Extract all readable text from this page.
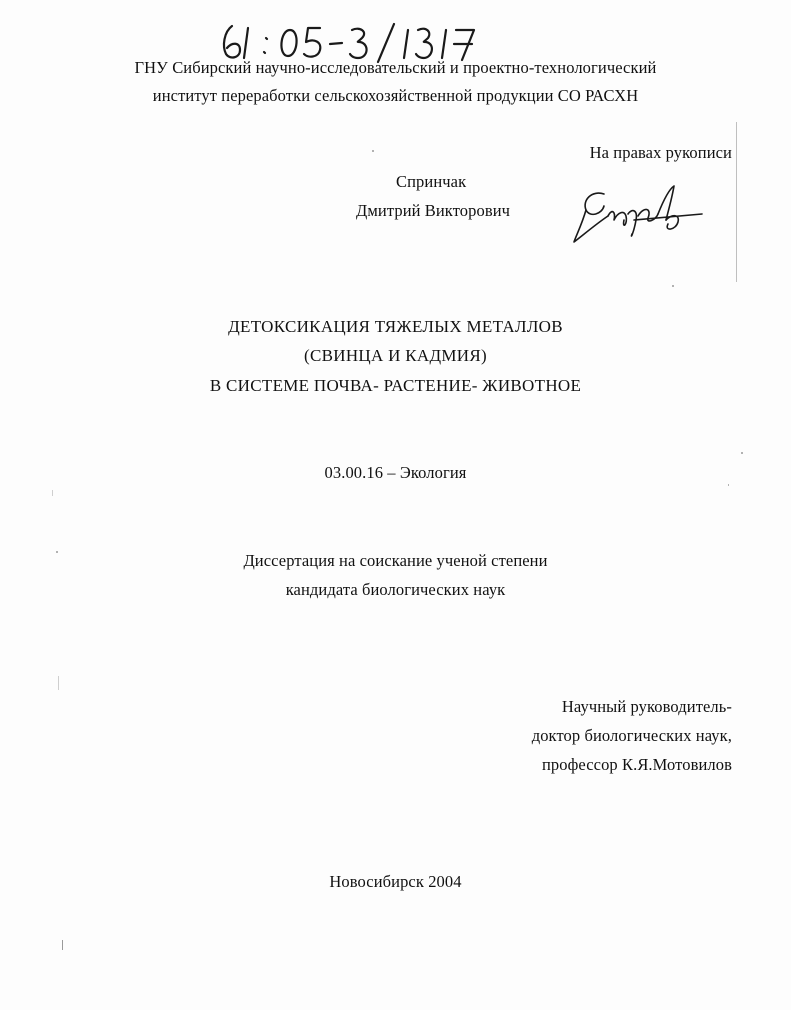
ГНУ Сибирский научно-исследовательский и проектно-технологический
институт переработки сельскохозяйственной продукции СО РАСХН
На правах рукописи
Спринчак
Дмитрий Викторович
ДЕТОКСИКАЦИЯ ТЯЖЕЛЫХ МЕТАЛЛОВ
(СВИНЦА И КАДМИЯ)
В СИСТЕМЕ ПОЧВА- РАСТЕНИЕ- ЖИВОТНОЕ
03.00.16 – Экология
Диссертация на соискание ученой степени
кандидата биологических наук
Научный руководитель-
доктор биологических наук,
профессор К.Я.Мотовилов
Новосибирск 2004
